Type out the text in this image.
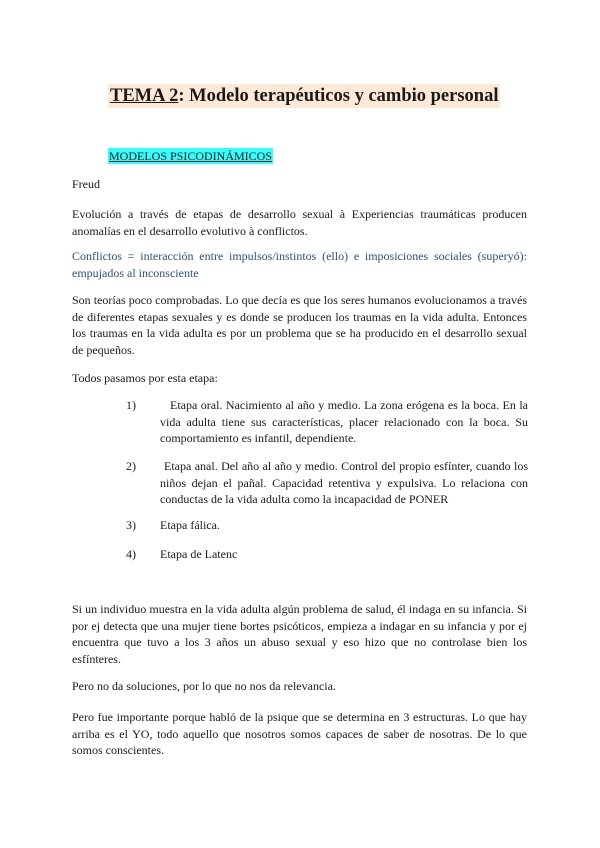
TEMA 2: Modelo terapéuticos y cambio personal
MODELOS PSICODINÁMICOS
Freud

Evolución a través de etapas de desarrollo sexual à Experiencias traumáticas producen anomalías en el desarrollo evolutivo à conflictos.

Conflictos = interacción entre impulsos/instintos (ello) e imposiciones sociales (superyó): empujados al inconsciente

Son teorías poco comprobadas. Lo que decía es que los seres humanos evolucionamos a través de diferentes etapas sexuales y es donde se producen los traumas en la vida adulta. Entonces los traumas en la vida adulta es por un problema que se ha producido en el desarrollo sexual de pequeños.

Todos pasamos por esta etapa:
1)	Etapa oral. Nacimiento al año y medio. La zona erógena es la boca. En la vida adulta tiene sus características, placer relacionado con la boca. Su comportamiento es infantil, dependiente.
2)	Etapa anal. Del año al año y medio. Control del propio esfínter, cuando los niños dejan el pañal. Capacidad retentiva y expulsiva. Lo relaciona con conductas de la vida adulta como la incapacidad de PONER
3) Etapa fálica.
4) Etapa de Latenc

Si un individuo muestra en la vida adulta algún problema de salud, él indaga en su infancia. Si por ej detecta que una mujer tiene bortes psicóticos, empieza a indagar en su infancia y por ej encuentra que tuvo a los 3 años un abuso sexual y eso hizo que no controlase bien los esfínteres.

Pero no da soluciones, por lo que no nos da relevancia.

Pero fue importante porque habló de la psique que se determina en 3 estructuras. Lo que hay arriba es el YO, todo aquello que nosotros somos capaces de saber de nosotras. De lo que somos conscientes.
